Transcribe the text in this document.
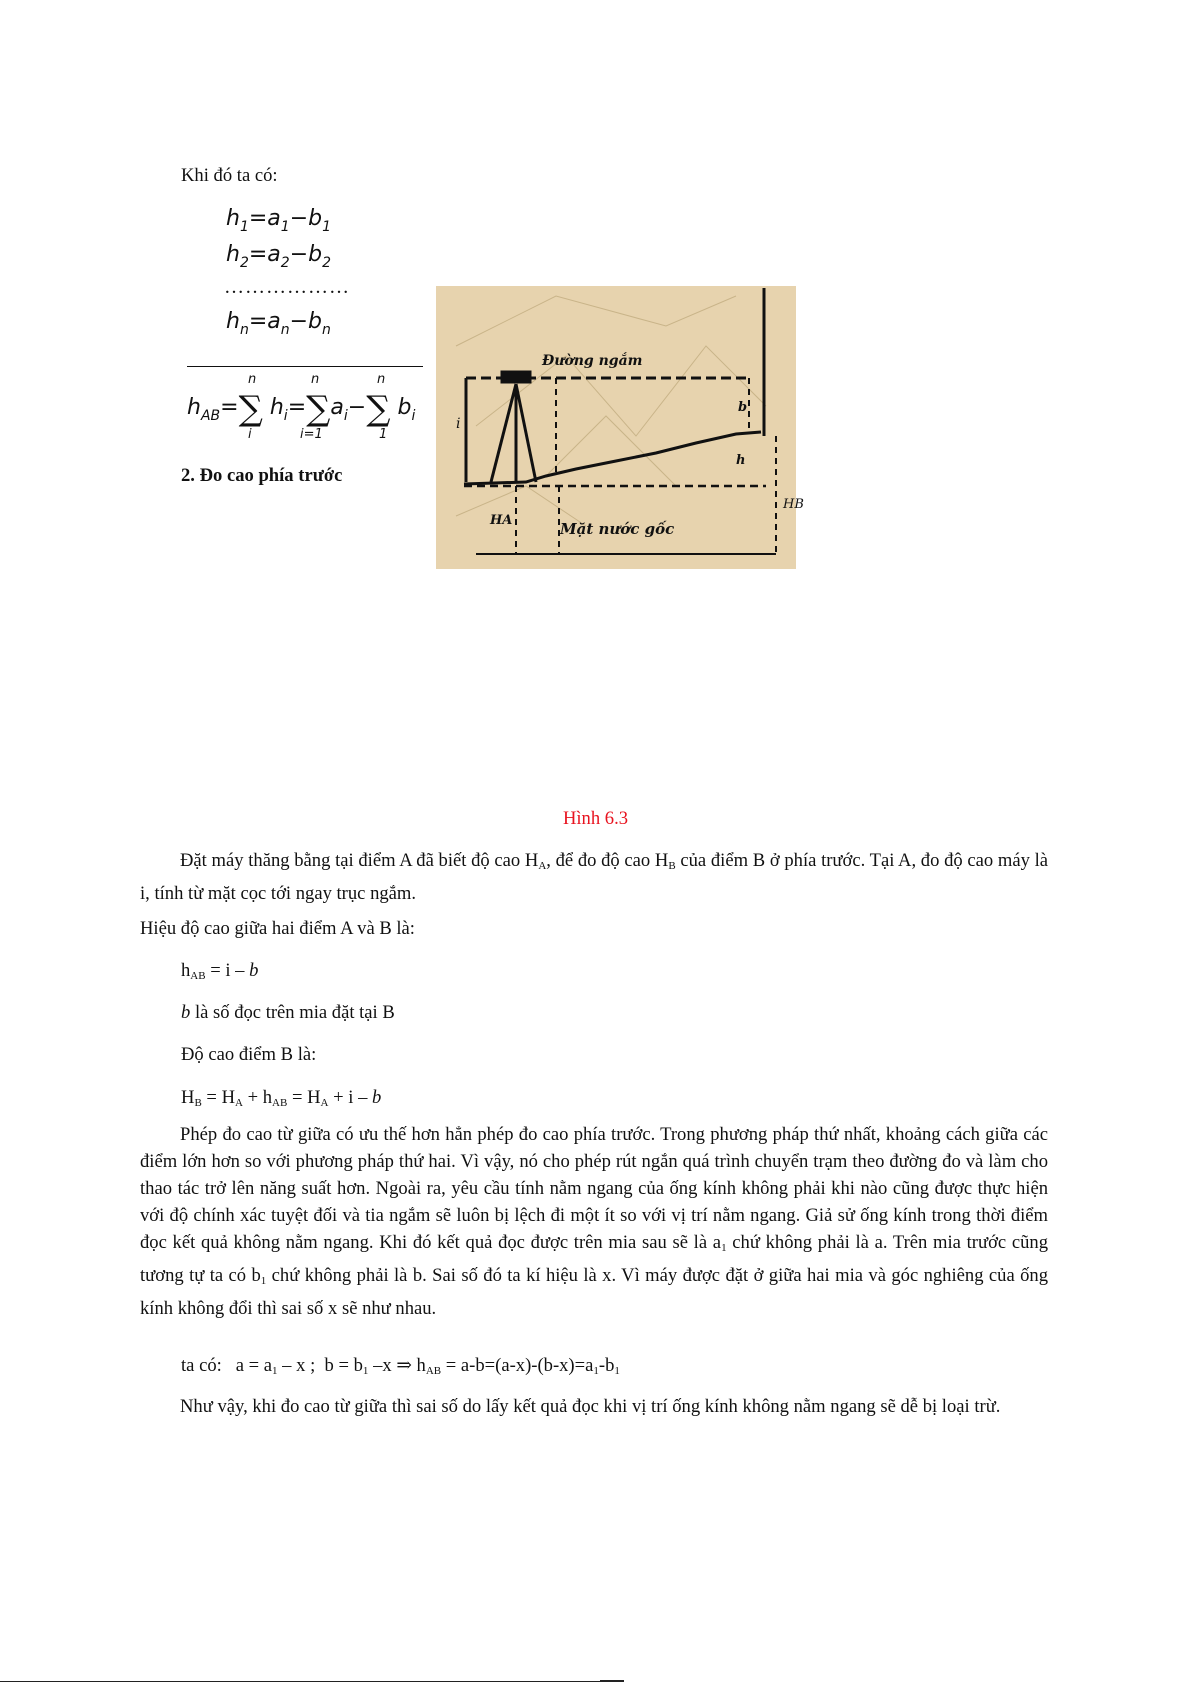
Khi đó ta có:
$h_1=a_1-b_1$
$h_2=a_2-b_2$
………………
$h_n=a_n-b_n$
$h_{AB}=\sum$ $h_i=\sum a_i-\sum$ $b_i$
n
i
n
i=1
n
1
2. Đo cao phía trước
Đường ngắm
Mặt nước gốc
i
HA
HB
h
b
Hình 6.3
Đặt máy thăng bằng tại điểm A đã biết độ cao $H_A$, để đo độ cao $H_B$ của điểm B ở phía trước. Tại A, đo độ cao máy là i, tính từ mặt cọc tới ngay trục ngắm.
Hiệu độ cao giữa hai điểm A và B là:
$h_{AB} = i - b$
b là số đọc trên mia đặt tại B
Độ cao điểm B là:
$H_B = H_A + h_{AB} = H_A + i - b$
Phép đo cao từ giữa có ưu thế hơn hẳn phép đo cao phía trước. Trong phương pháp thứ nhất, khoảng cách giữa các điểm lớn hơn so với phương pháp thứ hai. Vì vậy, nó cho phép rút ngắn quá trình chuyển trạm theo đường đo và làm cho thao tác trở lên năng suất hơn. Ngoài ra, yêu cầu tính nằm ngang của ống kính không phải khi nào cũng được thực hiện với độ chính xác tuyệt đối và tia ngắm sẽ luôn bị lệch đi một ít so với vị trí nằm ngang. Giả sử ống kính trong thời điểm đọc kết quả không nằm ngang. Khi đó kết quả đọc được trên mia sau sẽ là $a_1$ chứ không phải là a. Trên mia trước cũng tương tự ta có $b_1$ chứ không phải là b. Sai số đó ta kí hiệu là x. Vì máy được đặt ở giữa hai mia và góc nghiêng của ống kính không đổi thì sai số x sẽ như nhau.
ta có:   $a = a_1 - x$ ;  $b = b_1$ –x ⇒ $h_{AB} = a-b=(a-x)-(b-x)=a_1-b_1$
Như vậy, khi đo cao từ giữa thì sai số do lấy kết quả đọc khi vị trí ống kính không nằm ngang sẽ dễ bị loại trừ.
